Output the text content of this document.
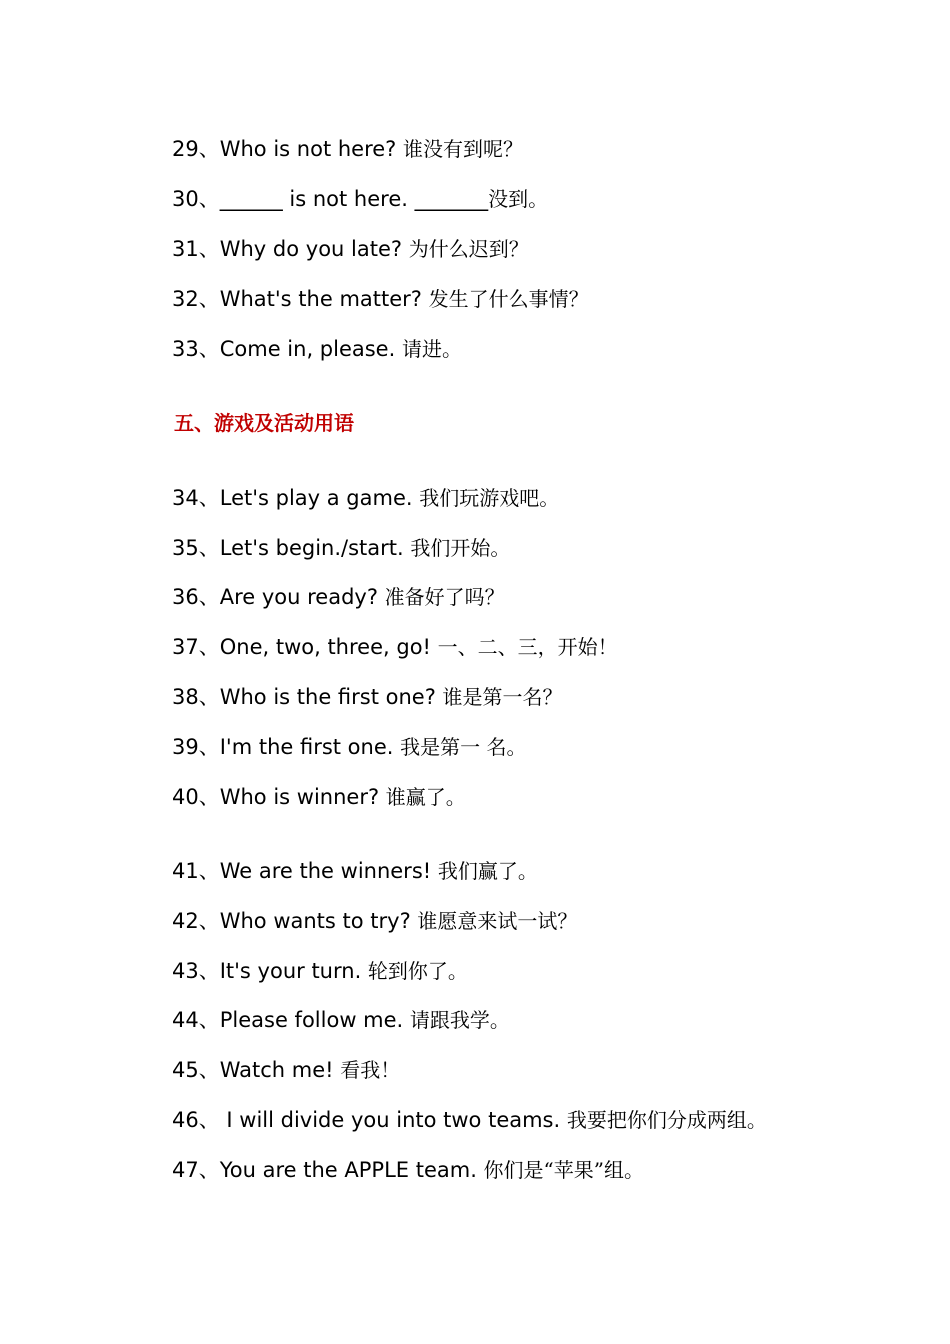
29、Who is not here? 谁没有到呢？
30、______ is not here. _______没到。
31、Why do you late? 为什么迟到？
32、What's the matter? 发生了什么事情？
33、Come in, please. 请进。
五、游戏及活动用语
34、Let's play a game. 我们玩游戏吧。
35、Let's begin./start. 我们开始。
36、Are you ready? 准备好了吗？
37、One, two, three, go! 一、二、三，开始！
38、Who is the first one? 谁是第一名？
39、I'm the first one. 我是第一 名。
40、Who is winner? 谁赢了。
41、We are the winners! 我们赢了。
42、Who wants to try? 谁愿意来试一试？
43、It's your turn. 轮到你了。
44、Please follow me. 请跟我学。
45、Watch me! 看我！
46、 I will divide you into two teams. 我要把你们分成两组。
47、You are the APPLE team. 你们是“苹果”组。
